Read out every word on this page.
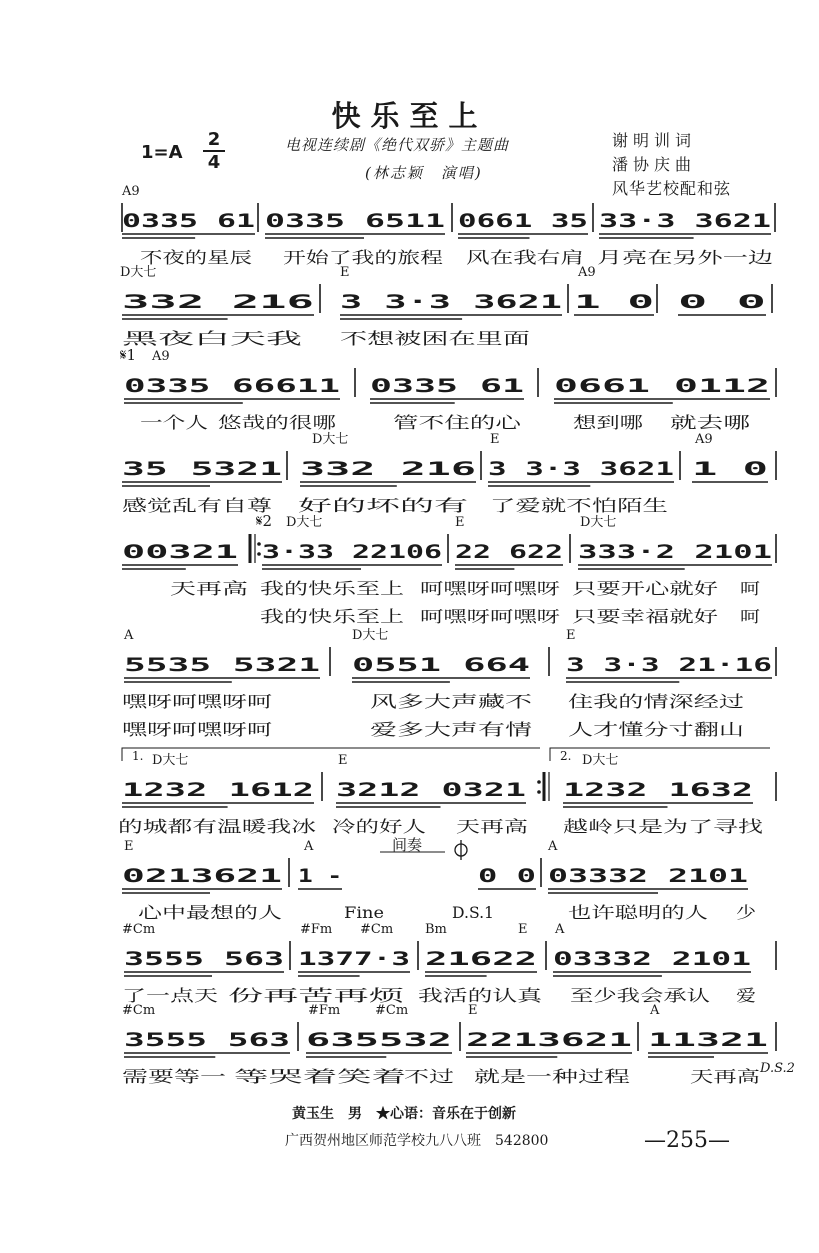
快乐至上
1=A
2
4
电视连续剧《绝代双骄》主题曲
(林志颖　演唱)
谢明训词
潘协庆曲
风华艺校配和弦
A9
0335 61 0335 6511 0661 35 33·3 3621
不夜的星辰 开始了我的旅程 风在我右肩 月亮在另外一边
D大七	E	A9
332 216 3 3·3 3621 1 0 0 0
黑夜白天我 不想被困在里面
A9
𝄋1
0335 66611 0335 61 0661 0112
一个人 悠哉的很哪	管不住的心	想到哪 就去哪
D大七	E	A9
35 5321 332 216 3 3·3 3621 1 0
感觉乱有自尊 好的坏的有 了爱就不怕陌生
D大七	E	D大七
𝄋2
00321 3·33 22106 22 622 333·2 2101
天再高 我的快乐至上 呵嘿呀呵嘿呀 只要开心就好 呵
我的快乐至上 呵嘿呀呵嘿呀 只要幸福就好 呵
A	D大七	E
5535 5321 0551 664 3 3·3 21·16
嘿呀呵嘿呀呵	风多大声藏不 住我的情深经过
嘿呀呵嘿呀呵	爱多大声有情 人才懂分寸翻山
D大七	E	D大七
1.	2.
1232 1612 3212 0321 1232 1632
的城都有温暖我冰 冷的好人 天再高 越岭只是为了寻找
E	A	A
间奏
0213621 1 -	0 0 03332 2101
心中最想的人	Fine	D.S.1	也许聪明的人 少
#Cm	#Fm #Cm Bm	E A
3555 563 1377·3 21622 03332 2101
了一点天 份再苦再烦 我活的认真 至少我会承认 爱
#Cm	#Fm	#Cm	E	A
3555 563 635532 2213621 11321
需要等一 等哭着笑着
不过 就是一种过程	天再高 D.S.2
黄玉生　男　★心语：音乐在于创新
广西贺州地区师范学校九八八班　542800	—255—
